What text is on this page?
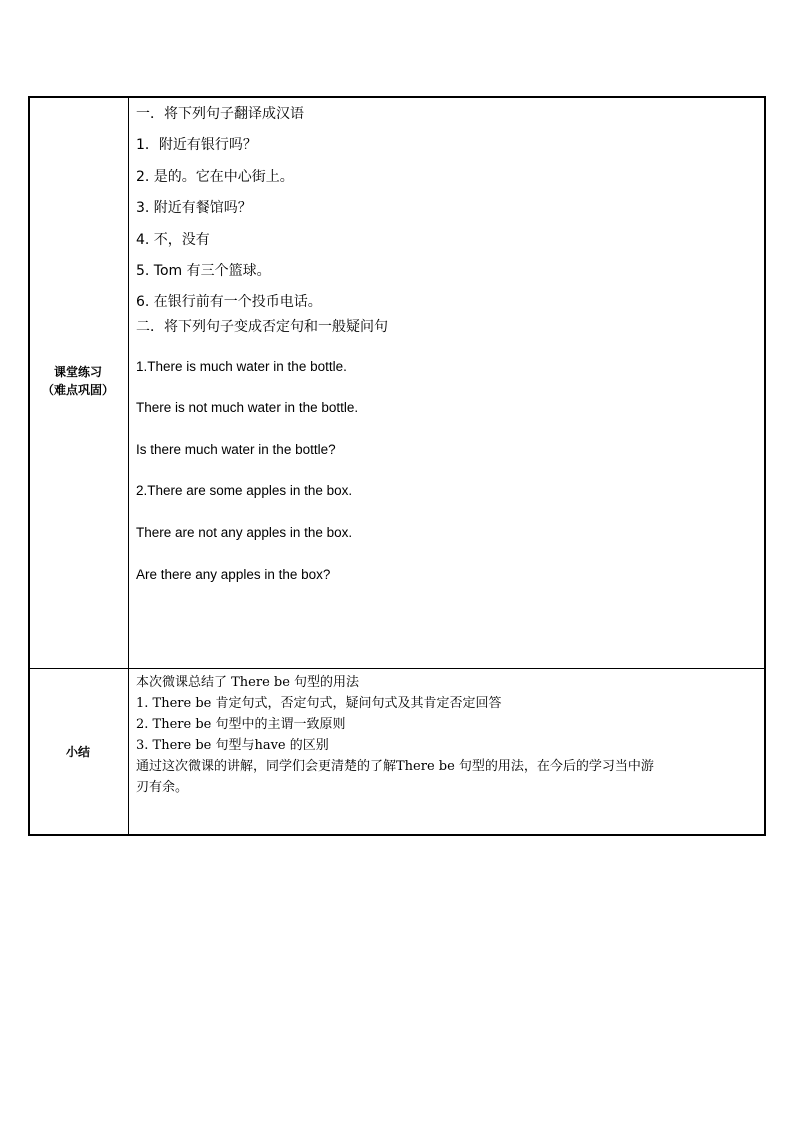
课堂练习
（难点巩固）
一．将下列句子翻译成汉语
1．附近有银行吗？
2. 是的。它在中心街上。
3. 附近有餐馆吗？
4. 不，没有
5. Tom 有三个篮球。
6. 在银行前有一个投币电话。
二．将下列句子变成否定句和一般疑问句
1.There is much water in the bottle.
There is not much water in the bottle.
Is there much water in the bottle?
2.There are some apples in the box.
There are not any apples in the box.
Are there any apples in the box?
小结
本次微课总结了 There be 句型的用法
1. There be 肯定句式，否定句式，疑问句式及其肯定否定回答
2. There be 句型中的主谓一致原则
3. There be 句型与have 的区别
通过这次微课的讲解，同学们会更清楚的了解There be 句型的用法，在今后的学习当中游
刃有余。
